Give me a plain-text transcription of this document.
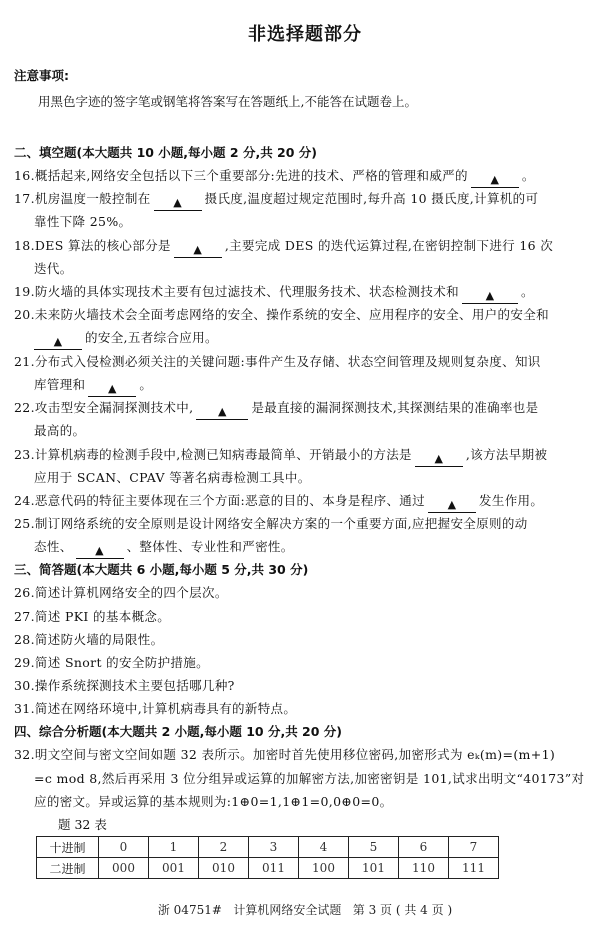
非选择题部分
注意事项:
用黑色字迹的签字笔或钢笔将答案写在答题纸上,不能答在试题卷上。
二、填空题(本大题共 10 小题,每小题 2 分,共 20 分)
16.概括起来,网络安全包括以下三个重要部分:先进的技术、严格的管理和威严的 ▲ 。
17.机房温度一般控制在 ▲ 摄氏度,温度超过规定范围时,每升高 10 摄氏度,计算机的可
靠性下降 25%。
18.DES 算法的核心部分是 ▲ ,主要完成 DES 的迭代运算过程,在密钥控制下进行 16 次
迭代。
19.防火墙的具体实现技术主要有包过滤技术、代理服务技术、状态检测技术和 ▲ 。
20.未来防火墙技术会全面考虑网络的安全、操作系统的安全、应用程序的安全、用户的安全和
▲ 的安全,五者综合应用。
21.分布式入侵检测必须关注的关键问题:事件产生及存储、状态空间管理及规则复杂度、知识
库管理和 ▲ 。
22.攻击型安全漏洞探测技术中, ▲ 是最直接的漏洞探测技术,其探测结果的准确率也是
最高的。
23.计算机病毒的检测手段中,检测已知病毒最简单、开销最小的方法是 ▲ ,该方法早期被
应用于 SCAN、CPAV 等著名病毒检测工具中。
24.恶意代码的特征主要体现在三个方面:恶意的目的、本身是程序、通过 ▲ 发生作用。
25.制订网络系统的安全原则是设计网络安全解决方案的一个重要方面,应把握安全原则的动
态性、 ▲ 、整体性、专业性和严密性。
三、简答题(本大题共 6 小题,每小题 5 分,共 30 分)
26.简述计算机网络安全的四个层次。
27.简述 PKI 的基本概念。
28.简述防火墙的局限性。
29.简述 Snort 的安全防护措施。
30.操作系统探测技术主要包括哪几种?
31.简述在网络环境中,计算机病毒具有的新特点。
四、综合分析题(本大题共 2 小题,每小题 10 分,共 20 分)
32.明文空间与密文空间如题 32 表所示。加密时首先使用移位密码,加密形式为 eₖ(m)=(m+1)
=c mod 8,然后再采用 3 位分组异或运算的加解密方法,加密密钥是 101,试求出明文“40173”对
应的密文。异或运算的基本规则为:1⊕0=1,1⊕1=0,0⊕0=0。
题 32 表
十进制	0	1	2	3	4	5	6	7
二进制	000	001	010	011	100	101	110	111
浙 04751#   计算机网络安全试题   第 3 页 ( 共 4 页 )
